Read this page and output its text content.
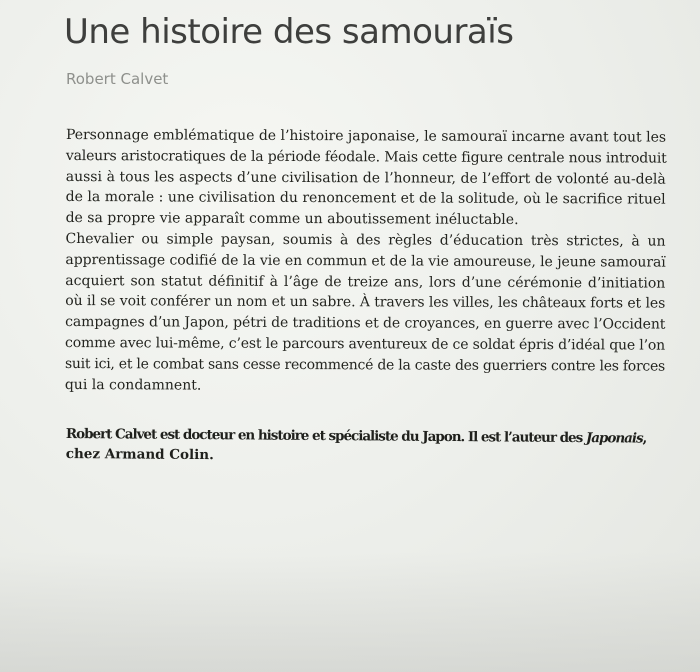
Une histoire des samouraïs

Robert Calvet

Personnage emblématique de l’histoire japonaise, le samouraï incarne avant tout les
valeurs aristocratiques de la période féodale. Mais cette figure centrale nous introduit
aussi à tous les aspects d’une civilisation de l’honneur, de l’effort de volonté au-delà
de la morale : une civilisation du renoncement et de la solitude, où le sacrifice rituel
de sa propre vie apparaît comme un aboutissement inéluctable.
Chevalier ou simple paysan, soumis à des règles d’éducation très strictes, à un
apprentissage codifié de la vie en commun et de la vie amoureuse, le jeune samouraï
acquiert son statut définitif à l’âge de treize ans, lors d’une cérémonie d’initiation
où il se voit conférer un nom et un sabre. À travers les villes, les châteaux forts et les
campagnes d’un Japon, pétri de traditions et de croyances, en guerre avec l’Occident
comme avec lui-même, c’est le parcours aventureux de ce soldat épris d’idéal que l’on
suit ici, et le combat sans cesse recommencé de la caste des guerriers contre les forces
qui la condamnent.
Robert Calvet est docteur en histoire et spécialiste du Japon. Il est l’auteur des Japonais,
chez Armand Colin.
